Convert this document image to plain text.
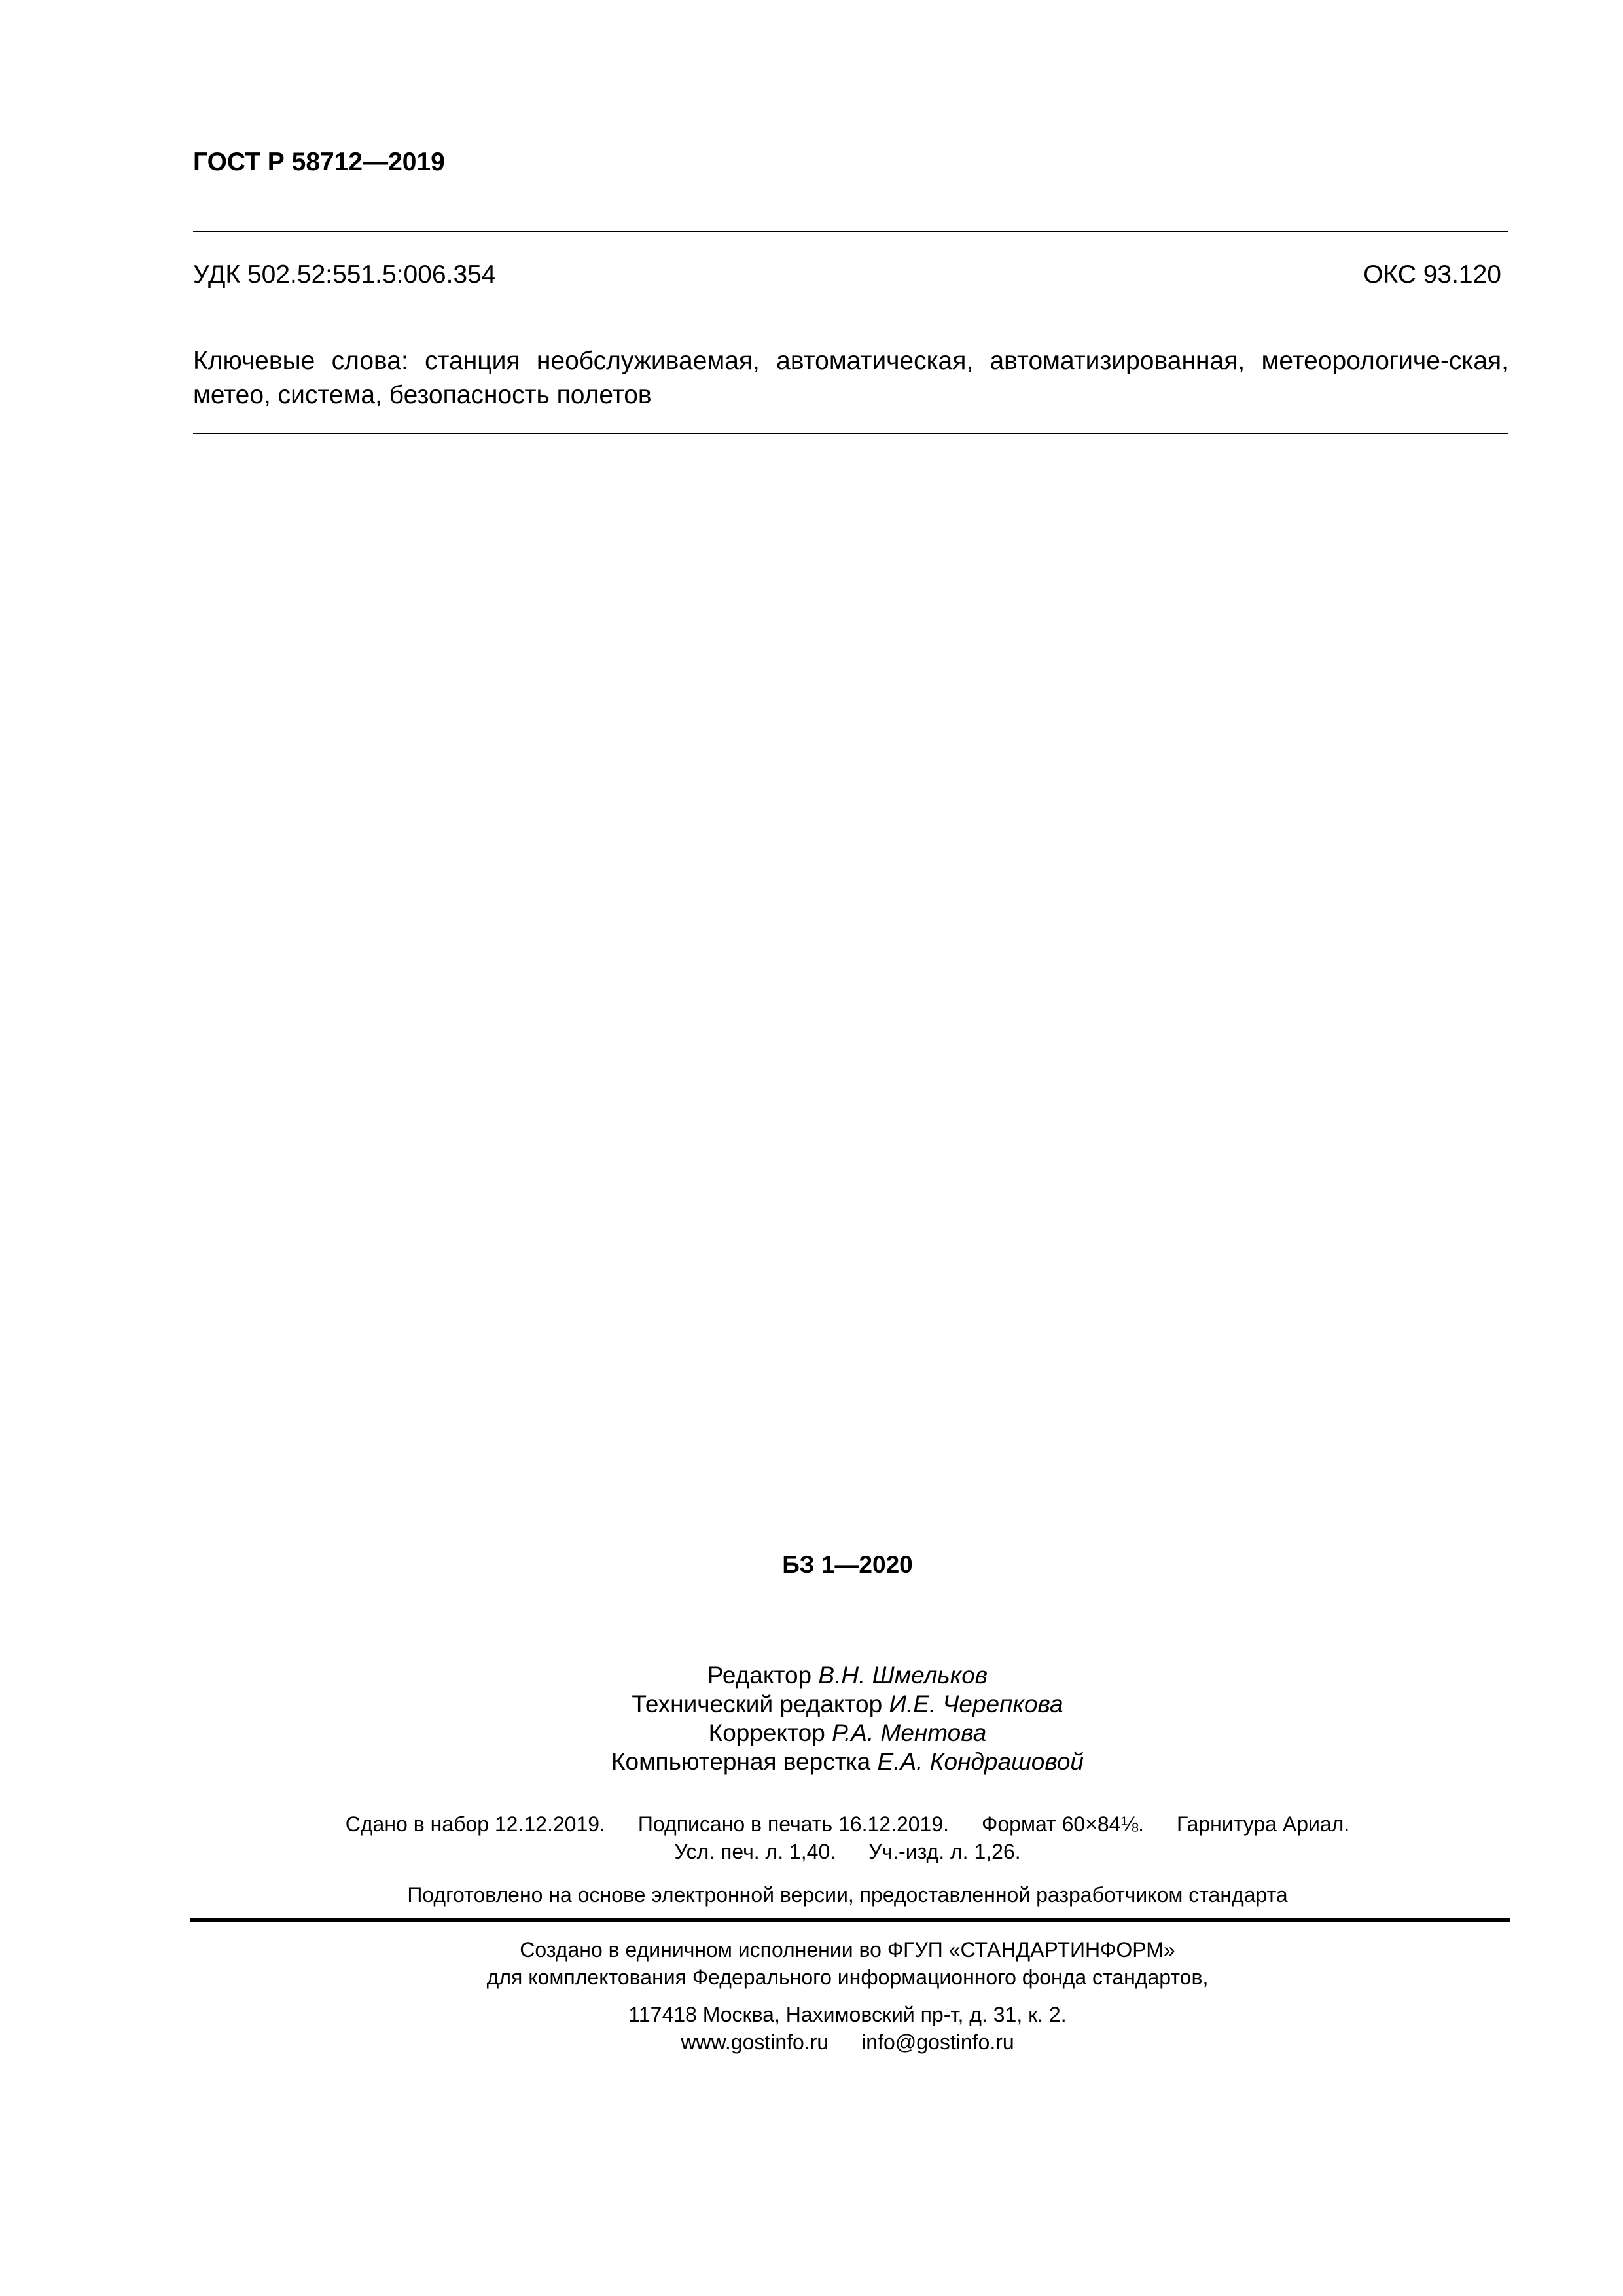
ГОСТ Р 58712—2019
УДК 502.52:551.5:006.354	ОКС 93.120
Ключевые слова: станция необслуживаемая, автоматическая, автоматизированная, метеорологиче-ская, метео, система, безопасность полетов
БЗ 1—2020
Редактор В.Н. Шмельков
Технический редактор И.Е. Черепкова
Корректор Р.А. Ментова
Компьютерная верстка Е.А. Кондрашовой
Сдано в набор 12.12.2019. Подписано в печать 16.12.2019. Формат 60×84⅛. Гарнитура Ариал.
Усл. печ. л. 1,40. Уч.-изд. л. 1,26.
Подготовлено на основе электронной версии, предоставленной разработчиком стандарта
Создано в единичном исполнении во ФГУП «СТАНДАРТИНФОРМ»
для комплектования Федерального информационного фонда стандартов,
117418 Москва, Нахимовский пр-т, д. 31, к. 2.
www.gostinfo.ru info@gostinfo.ru
